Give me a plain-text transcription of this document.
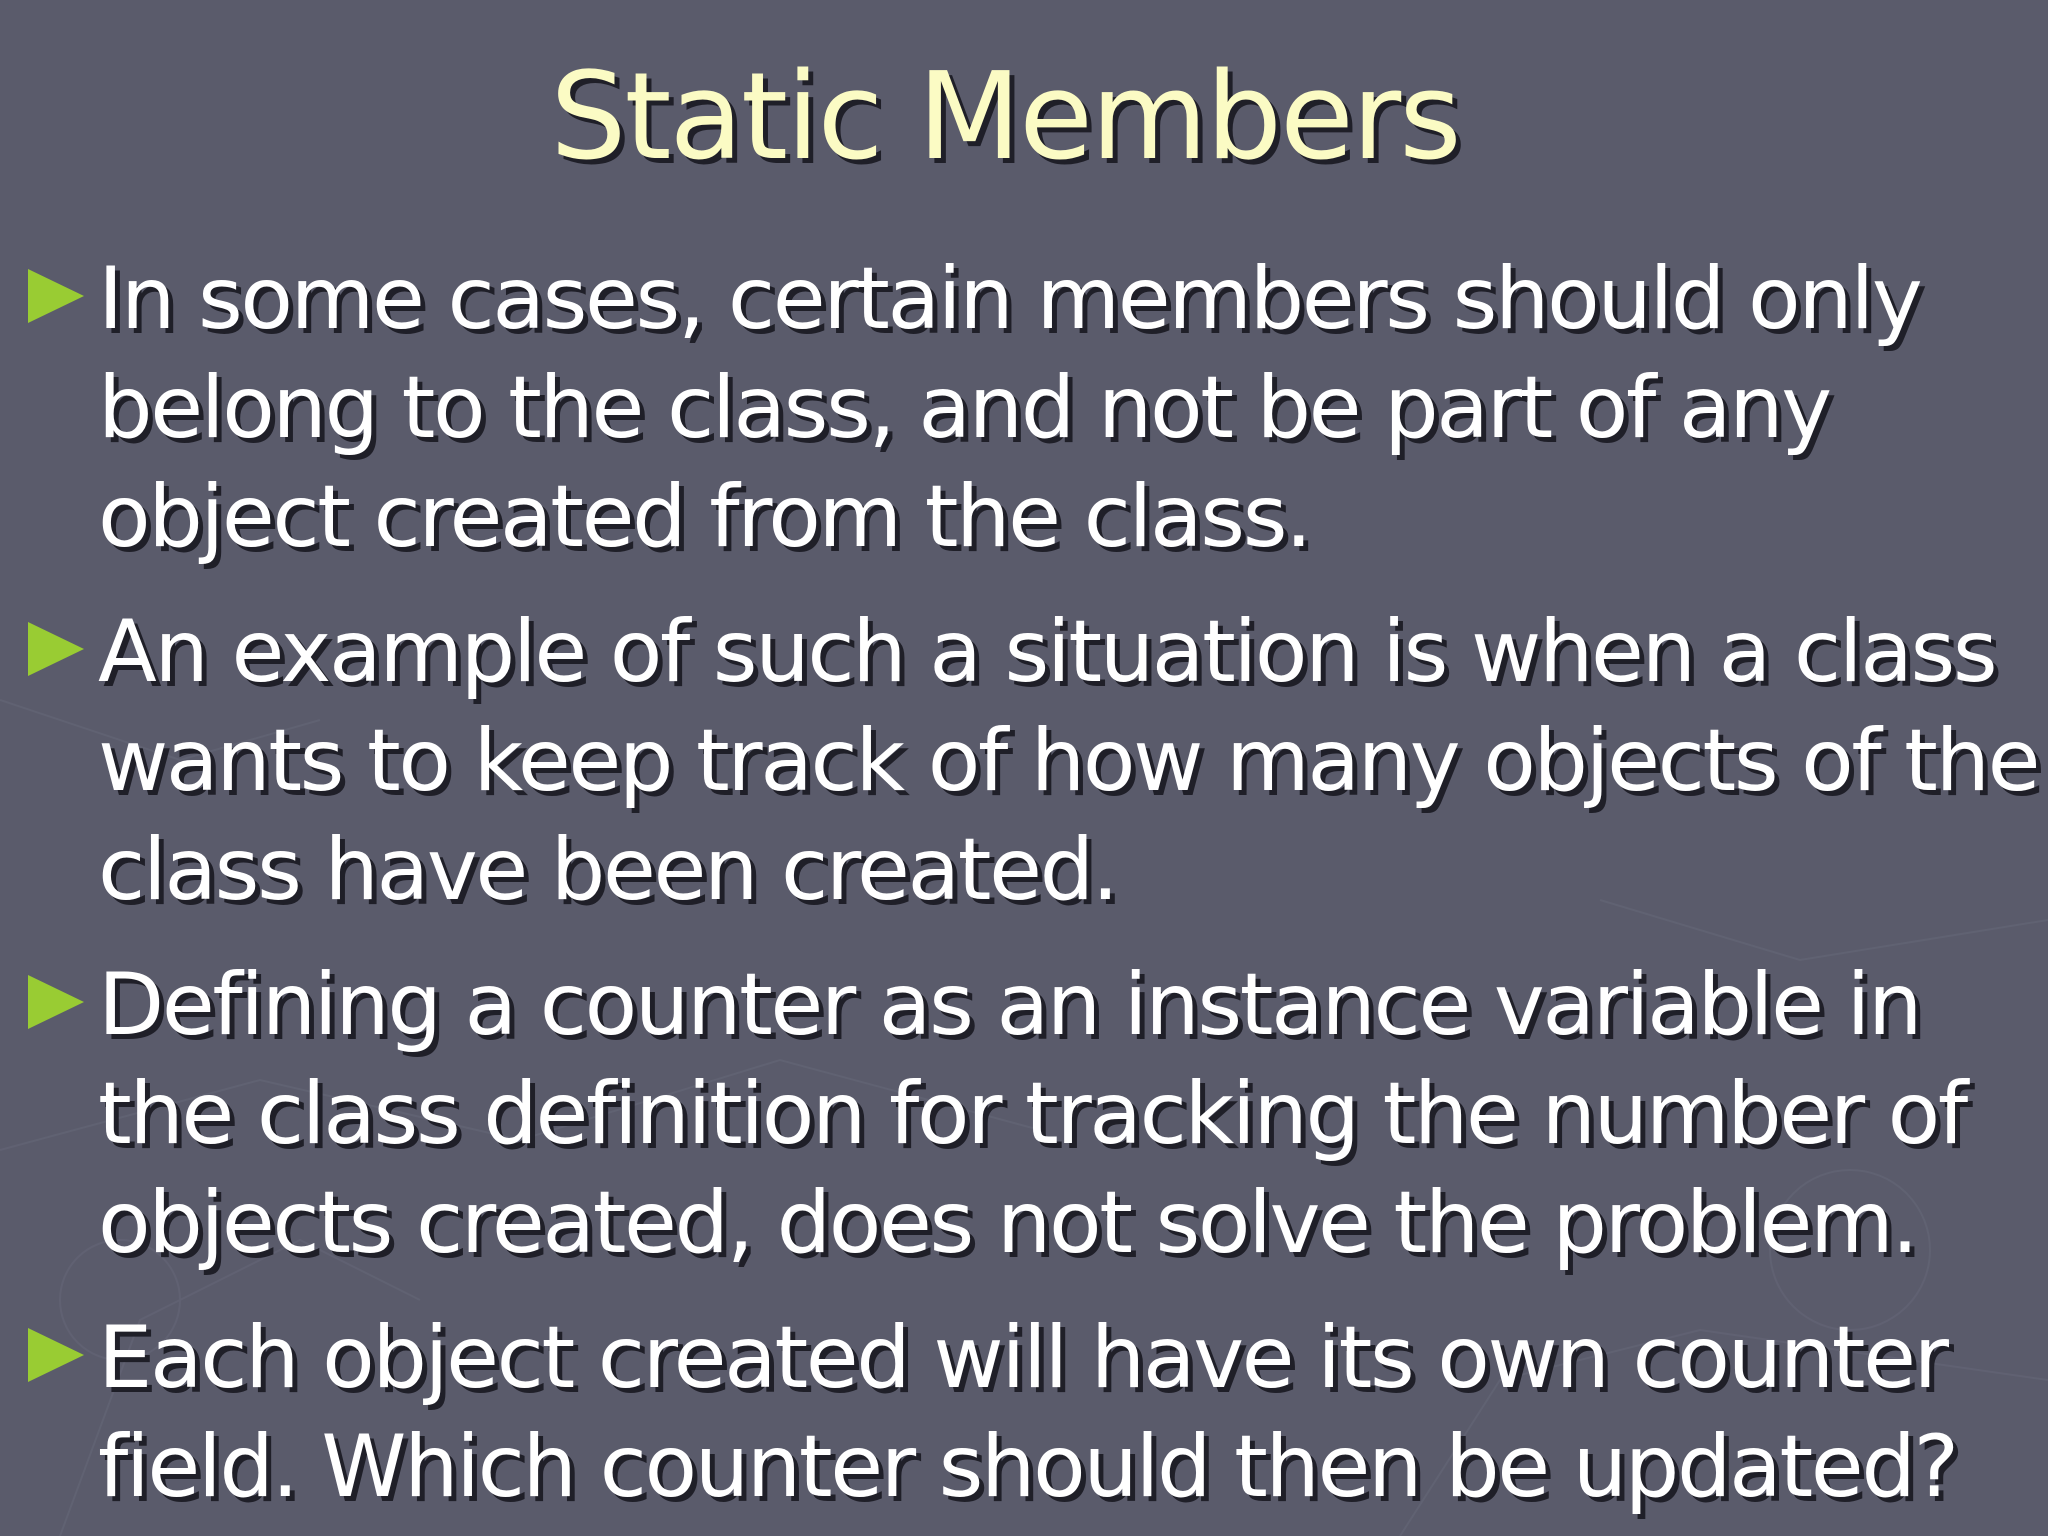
Static Members
In some cases, certain members should only
belong to the class, and not be part of any
object created from the class.
An example of such a situation is when a class
wants to keep track of how many objects of the
class have been created.
Defining a counter as an instance variable in
the class definition for tracking the number of
objects created, does not solve the problem.
Each object created will have its own counter
field. Which counter should then be updated?
